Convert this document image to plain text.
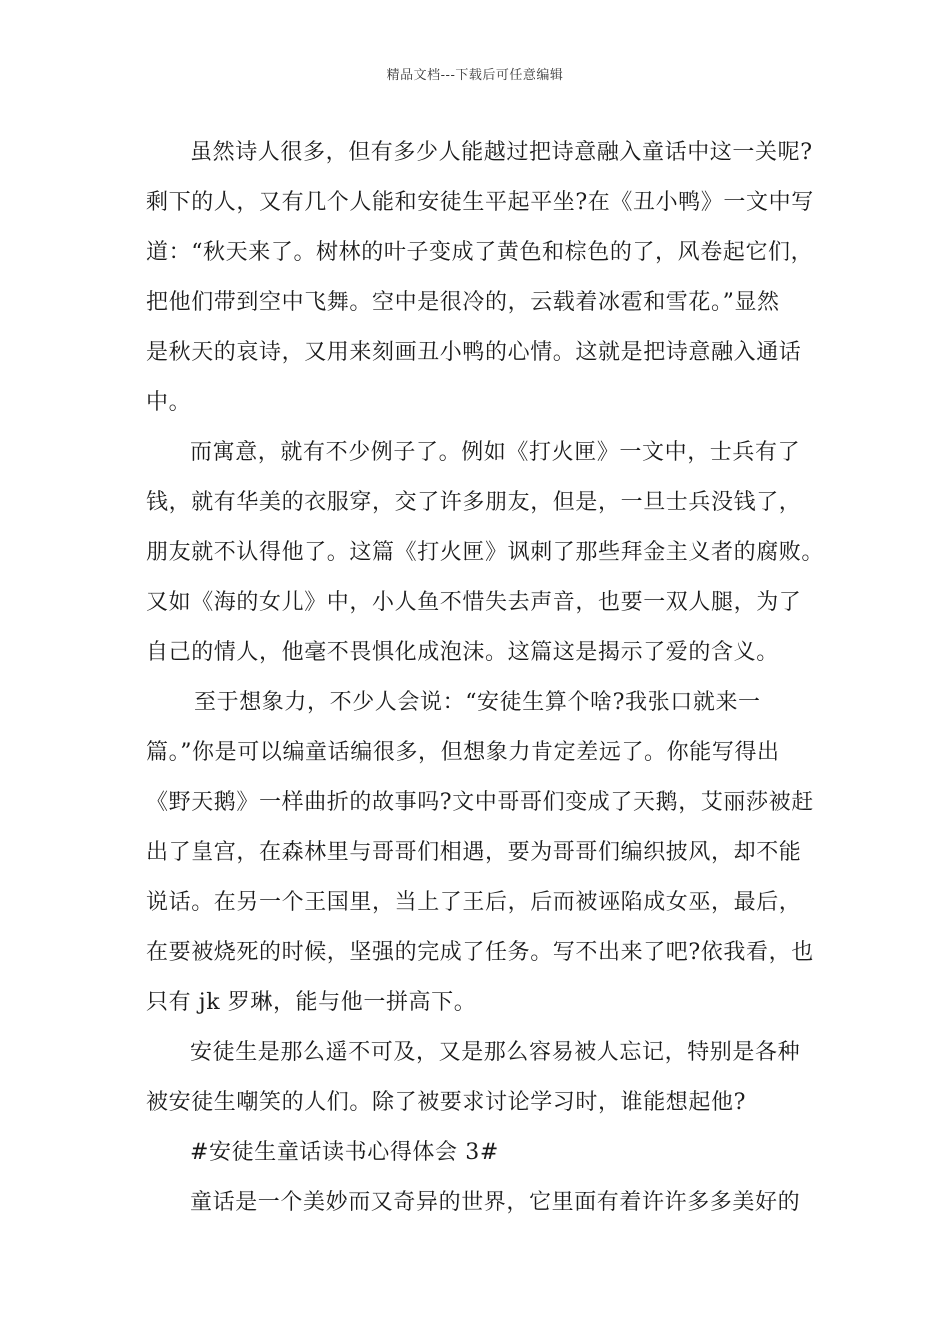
精品文档---下载后可任意编辑
虽然诗人很多，但有多少人能越过把诗意融入童话中这一关呢?
剩下的人，又有几个人能和安徒生平起平坐?在《丑小鸭》一文中写
道：“秋天来了。树林的叶子变成了黄色和棕色的了，风卷起它们，
把他们带到空中飞舞。空中是很冷的，云载着冰雹和雪花。”显然
是秋天的哀诗，又用来刻画丑小鸭的心情。这就是把诗意融入通话
中。
而寓意，就有不少例子了。例如《打火匣》一文中，士兵有了
钱，就有华美的衣服穿，交了许多朋友，但是，一旦士兵没钱了，
朋友就不认得他了。这篇《打火匣》讽刺了那些拜金主义者的腐败。
又如《海的女儿》中，小人鱼不惜失去声音，也要一双人腿，为了
自己的情人，他毫不畏惧化成泡沫。这篇这是揭示了爱的含义。
至于想象力，不少人会说：“安徒生算个啥?我张口就来一
篇。”你是可以编童话编很多，但想象力肯定差远了。你能写得出
《野天鹅》一样曲折的故事吗?文中哥哥们变成了天鹅，艾丽莎被赶
出了皇宫，在森林里与哥哥们相遇，要为哥哥们编织披风，却不能
说话。在另一个王国里，当上了王后，后而被诬陷成女巫，最后，
在要被烧死的时候，坚强的完成了任务。写不出来了吧?依我看，也
只有 jk 罗琳，能与他一拼高下。
安徒生是那么遥不可及，又是那么容易被人忘记，特别是各种
被安徒生嘲笑的人们。除了被要求讨论学习时，谁能想起他?
#安徒生童话读书心得体会 3#
童话是一个美妙而又奇异的世界，它里面有着许许多多美好的
